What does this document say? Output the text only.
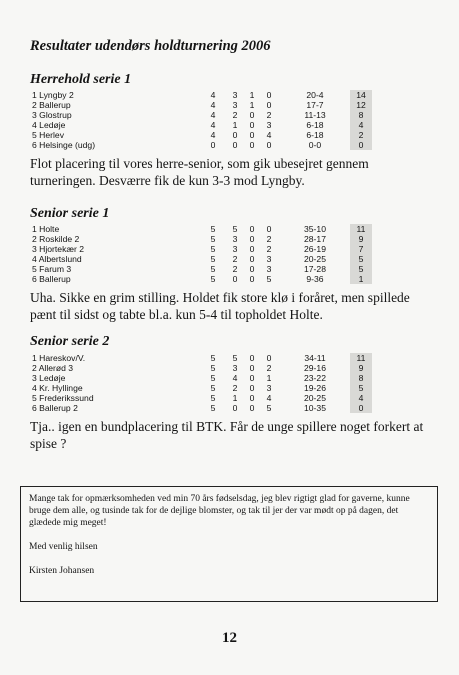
Resultater udendørs holdturnering 2006
Herrehold serie 1
1 Lyngby 2	4	3	1	0	20-4	14
2 Ballerup	4	3	1	0	17-7	12
3 Glostrup	4	2	0	2	11-13	8
4 Ledøje	4	1	0	3	6-18	4
5 Herlev	4	0	0	4	6-18	2
6 Helsinge (udg)	0	0	0	0	0-0	0
Flot placering til vores herre-senior, som gik ubesejret gennem turneringen. Desværre fik de kun 3-3 mod Lyngby.
Senior serie 1
1 Holte	5	5	0	0	35-10	11
2 Roskilde 2	5	3	0	2	28-17	9
3 Hjortekær 2	5	3	0	2	26-19	7
4 Albertslund	5	2	0	3	20-25	5
5 Farum 3	5	2	0	3	17-28	5
6 Ballerup	5	0	0	5	9-36	1
Uha. Sikke en grim stilling. Holdet fik store klø i foråret, men spillede pænt til sidst og tabte bl.a. kun 5-4 til topholdet Holte.
Senior serie 2
1 Hareskov/V.	5	5	0	0	34-11	11
2 Allerød 3	5	3	0	2	29-16	9
3 Ledøje	5	4	0	1	23-22	8
4 Kr. Hyllinge	5	2	0	3	19-26	5
5 Frederikssund	5	1	0	4	20-25	4
6 Ballerup 2	5	0	0	5	10-35	0
Tja.. igen en bundplacering til BTK. Får de unge spillere noget forkert at spise ?

Mange tak for opmærksomheden ved min 70 års fødselsdag, jeg blev rigtigt glad for gaverne, kunne bruge dem alle, og tusinde tak for de dejlige blomster, og tak til jer der var mødt op på dagen, det glædede mig meget!

Med venlig hilsen

Kirsten Johansen

12
